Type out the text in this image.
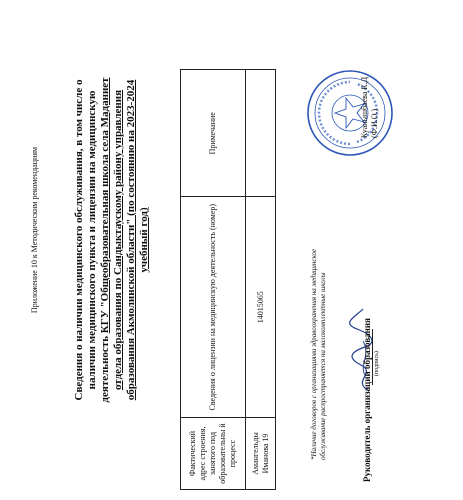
Приложение 10 к Методическим рекомендациям	Сведения о наличии медицинского обслуживания, в том числе о наличии медицинского пункта и лицензии на медицинскую деятельность КГУ "Общеобразовательная школа села Маданиет отдела образования по Сандыктаускому району управления образования Акмолинской области" (по состоянию на 2023-2024
учебный год)
Фактический адрес строения, занятого под образовательны й процесс	Сведения о лицензии на медицинскую деятельность (номер)	Примечание
Амангельды Иманова 19	14015065		*Наличие договоров с организациями здравоохранения на медицинское обслуживание распространяется на малокомплектные школы	Руководитель организации образования (подпись)
Куанышбаева К.Д (Ф.И.О.)
